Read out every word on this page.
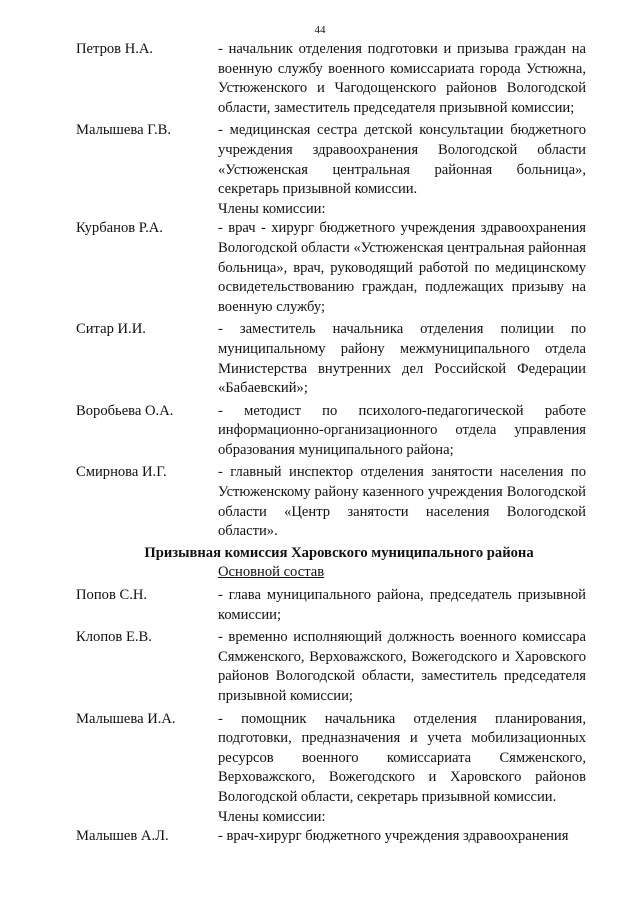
44
Петров Н.А.	- начальник отделения подготовки и призыва граждан на военную службу военного комиссариата города Устюжна, Устюженского и Чагодощенского районов Вологодской области, заместитель председателя призывной комиссии;
Малышева Г.В.	- медицинская сестра детской консультации бюджетного учреждения здравоохранения Вологодской области «Устюженская центральная районная больница», секретарь призывной комиссии.
Члены комиссии:
Курбанов Р.А.	- врач - хирург бюджетного учреждения здравоохранения Вологодской области «Устюженская центральная районная больница», врач, руководящий работой по медицинскому освидетельствованию граждан, подлежащих призыву на военную службу;
Ситар И.И.	- заместитель начальника отделения полиции по муниципальному району межмуниципального отдела Министерства внутренних дел Российской Федерации «Бабаевский»;
Воробьева О.А.	- методист по психолого-педагогической работе информационно-организационного отдела управления образования муниципального района;
Смирнова И.Г.	- главный инспектор отделения занятости населения по Устюженскому району казенного учреждения Вологодской области «Центр занятости населения Вологодской области».
Призывная комиссия Харовского муниципального района
Основной состав
Попов С.Н.	- глава муниципального района, председатель призывной комиссии;
Клопов Е.В.	- временно исполняющий должность военного комиссара Сямженского, Верховажского, Вожегодского и Харовского районов Вологодской области, заместитель председателя призывной комиссии;
Малышева И.А.	- помощник начальника отделения планирования, подготовки, предназначения и учета мобилизационных ресурсов военного комиссариата Сямженского, Верховажского, Вожегодского и Харовского районов Вологодской области, секретарь призывной комиссии.
Члены комиссии:
Малышев А.Л.	- врач-хирург бюджетного учреждения здравоохранения
